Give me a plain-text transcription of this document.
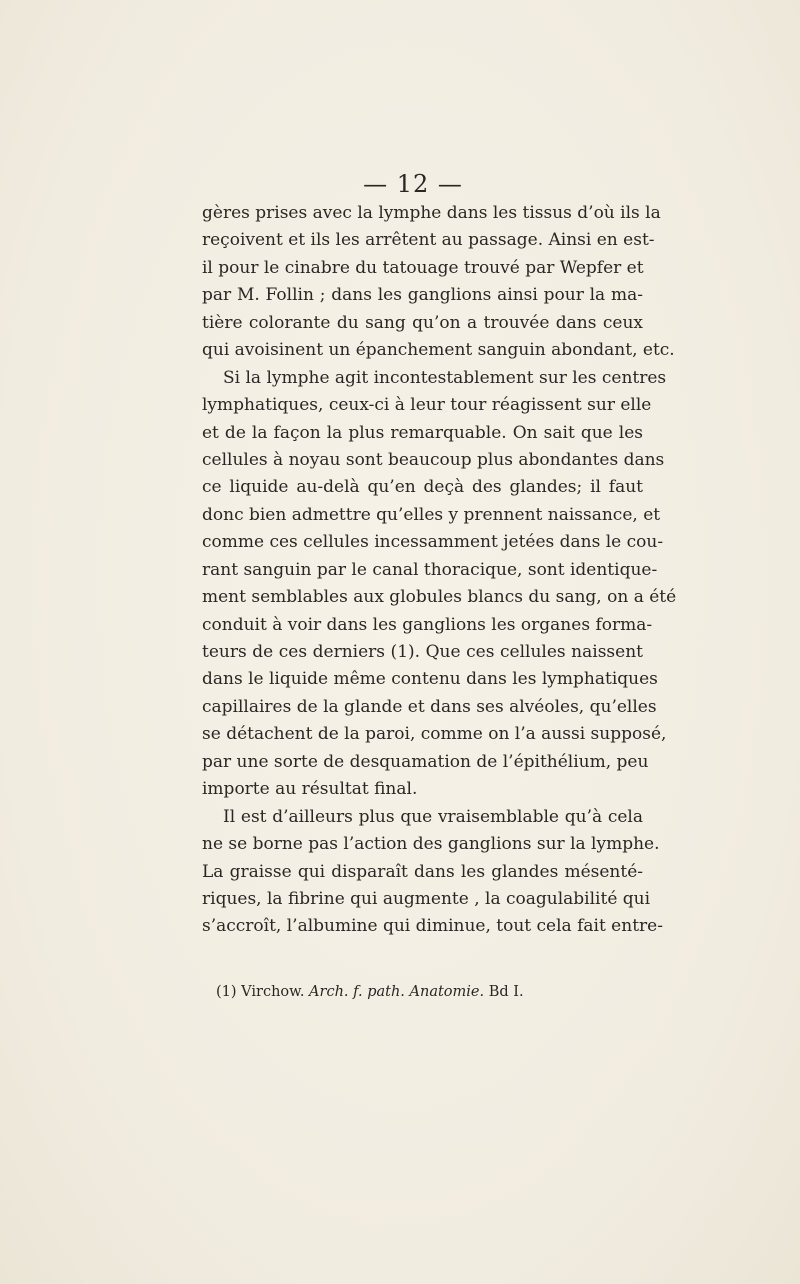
— 12 —
gères prises avec la lymphe dans les tissus d’où ils la
reçoivent et ils les arrêtent au passage. Ainsi en est-
il pour le cinabre du tatouage trouvé par Wepfer et
par M. Follin ; dans les ganglions ainsi pour la ma-
tière colorante du sang qu’on a trouvée dans ceux
qui avoisinent un épanchement sanguin abondant, etc.
Si la lymphe agit incontestablement sur les centres
lymphatiques, ceux-ci à leur tour réagissent sur elle
et de la façon la plus remarquable. On sait que les
cellules à noyau sont beaucoup plus abondantes dans
ce liquide au-delà qu’en deçà des glandes; il faut
donc bien admettre qu’elles y prennent naissance, et
comme ces cellules incessamment jetées dans le cou-
rant sanguin par le canal thoracique, sont identique-
ment semblables aux globules blancs du sang, on a été
conduit à voir dans les ganglions les organes forma-
teurs de ces derniers (1). Que ces cellules naissent
dans le liquide même contenu dans les lymphatiques
capillaires de la glande et dans ses alvéoles, qu’elles
se détachent de la paroi, comme on l’a aussi supposé,
par une sorte de desquamation de l’épithélium, peu
importe au résultat final.
Il est d’ailleurs plus que vraisemblable qu’à cela
ne se borne pas l’action des ganglions sur la lymphe.
La graisse qui disparaît dans les glandes mésenté-
riques, la fibrine qui augmente , la coagulabilité qui
s’accroît, l’albumine qui diminue, tout cela fait entre-
(1) Virchow. Arch. f. path. Anatomie. Bd I.
